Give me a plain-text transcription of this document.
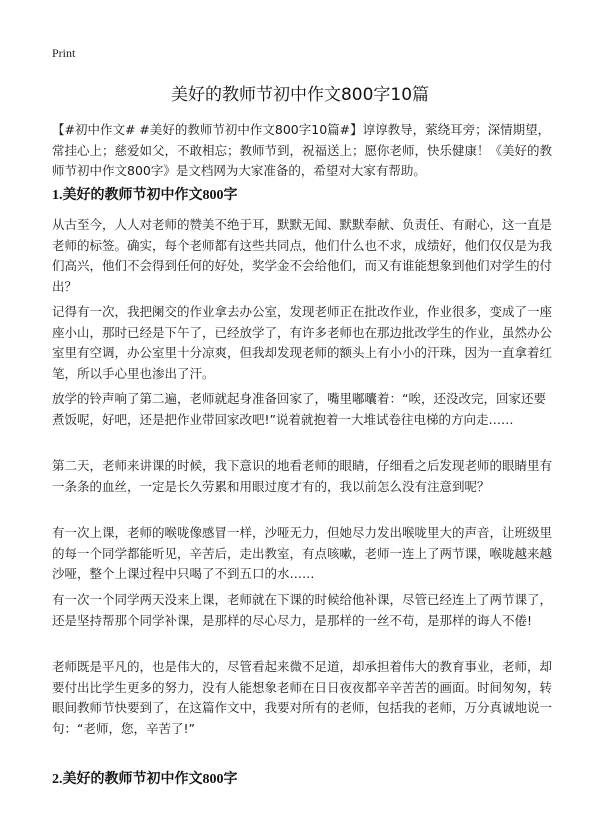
Print
美好的教师节初中作文800字10篇

【#初中作文# #美好的教师节初中作文800字10篇#】谆谆教导，萦绕耳旁；深情期望，常挂心上；慈爱如父，不敢相忘；教师节到，祝福送上；愿你老师，快乐健康！《美好的教师节初中作文800字》是文档网为大家准备的，希望对大家有帮助。

1.美好的教师节初中作文800字

从古至今，人人对老师的赞美不绝于耳，默默无闻、默默奉献、负责任、有耐心，这一直是老师的标签。确实，每个老师都有这些共同点，他们什么也不求，成绩好，他们仅仅是为我们高兴，他们不会得到任何的好处，奖学金不会给他们，而又有谁能想象到他们对学生的付出？

记得有一次，我把阑交的作业拿去办公室，发现老师正在批改作业，作业很多，变成了一座座小山，那时已经是下午了，已经放学了，有许多老师也在那边批改学生的作业，虽然办公室里有空调，办公室里十分凉爽，但我却发现老师的额头上有小小的汗珠，因为一直拿着红笔，所以手心里也渗出了汗。

放学的铃声响了第二遍，老师就起身准备回家了，嘴里嘟囔着：“唉，还没改完，回家还要煮饭呢，好吧，还是把作业带回家改吧!”说着就抱着一大堆试卷往电梯的方向走……

第二天，老师来讲课的时候，我下意识的地看老师的眼睛，仔细看之后发现老师的眼睛里有一条条的血丝，一定是长久劳累和用眼过度才有的，我以前怎么没有注意到呢？

有一次上课，老师的喉咙像感冒一样，沙哑无力，但她尽力发出喉咙里大的声音，让班级里的每一个同学都能听见，辛苦后，走出教室，有点咳嗽，老师一连上了两节课，喉咙越来越沙哑，整个上课过程中只喝了不到五口的水……

有一次一个同学两天没来上课，老师就在下课的时候给他补课，尽管已经连上了两节课了，还是坚持帮那个同学补课，是那样的尽心尽力，是那样的一丝不苟，是那样的诲人不倦!

老师既是平凡的，也是伟大的，尽管看起来微不足道，却承担着伟大的教育事业，老师，却要付出比学生更多的努力，没有人能想象老师在日日夜夜都辛辛苦苦的画面。时间匆匆，转眼间教师节快要到了，在这篇作文中，我要对所有的老师，包括我的老师，万分真诚地说一句：“老师，您，辛苦了!”

2.美好的教师节初中作文800字
